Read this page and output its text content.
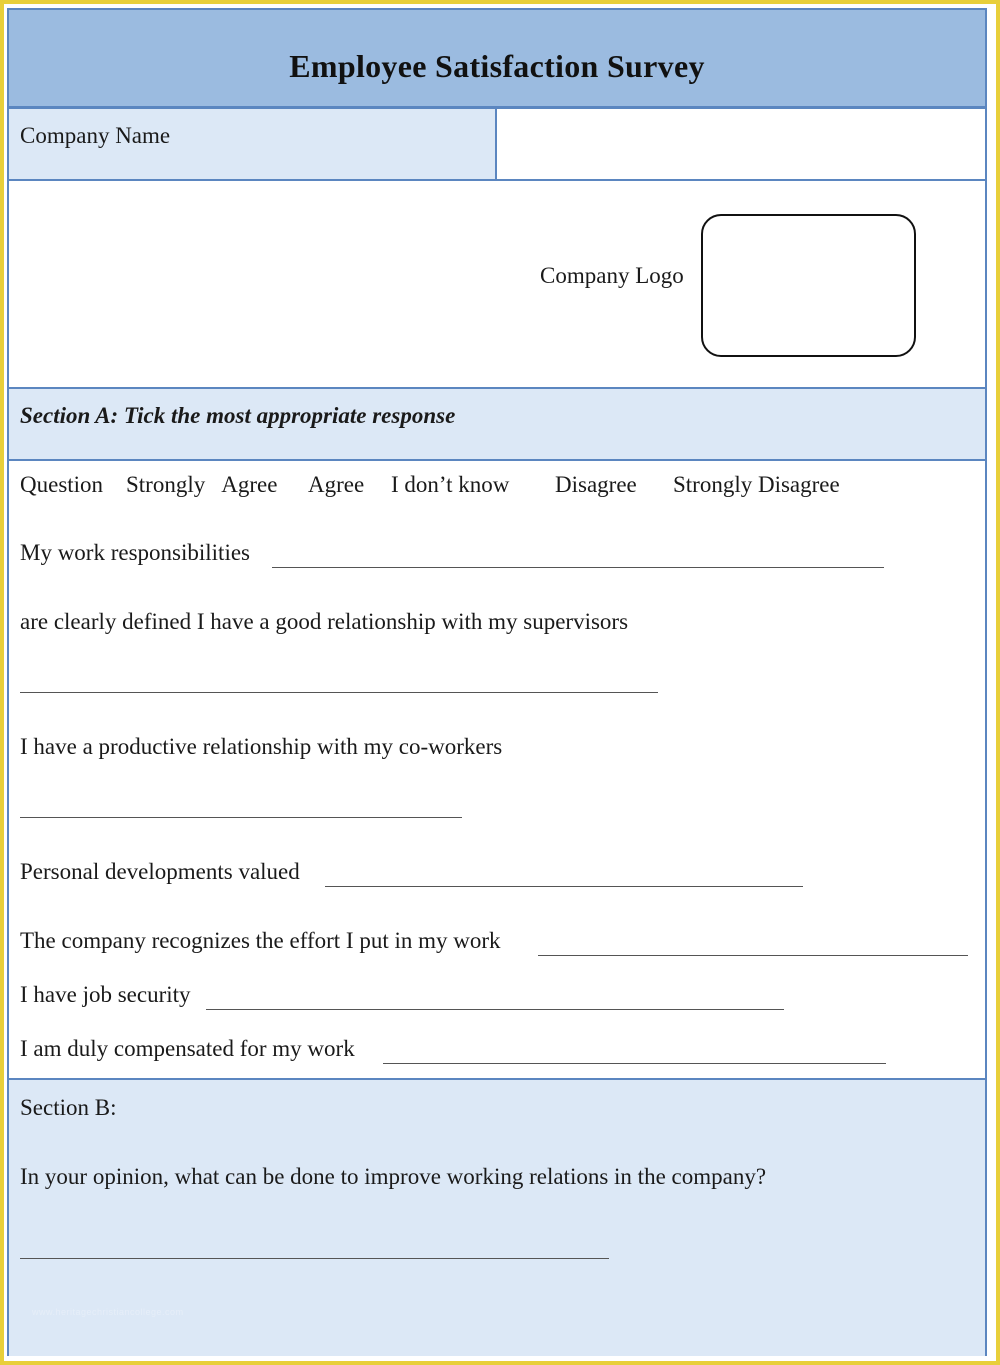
Employee Satisfaction Survey
Company Name
Company Logo
Section A: Tick the most appropriate response
Question Strongly   Agree Agree I don’t know Disagree Strongly Disagree
My work responsibilities
are clearly defined I have a good relationship with my supervisors
I have a productive relationship with my co-workers
Personal developments valued
The company recognizes the effort I put in my work
I have job security
I am duly compensated for my work
Section B:
In your opinion, what can be done to improve working relations in the company?
www.heritagechristiancollege.com
